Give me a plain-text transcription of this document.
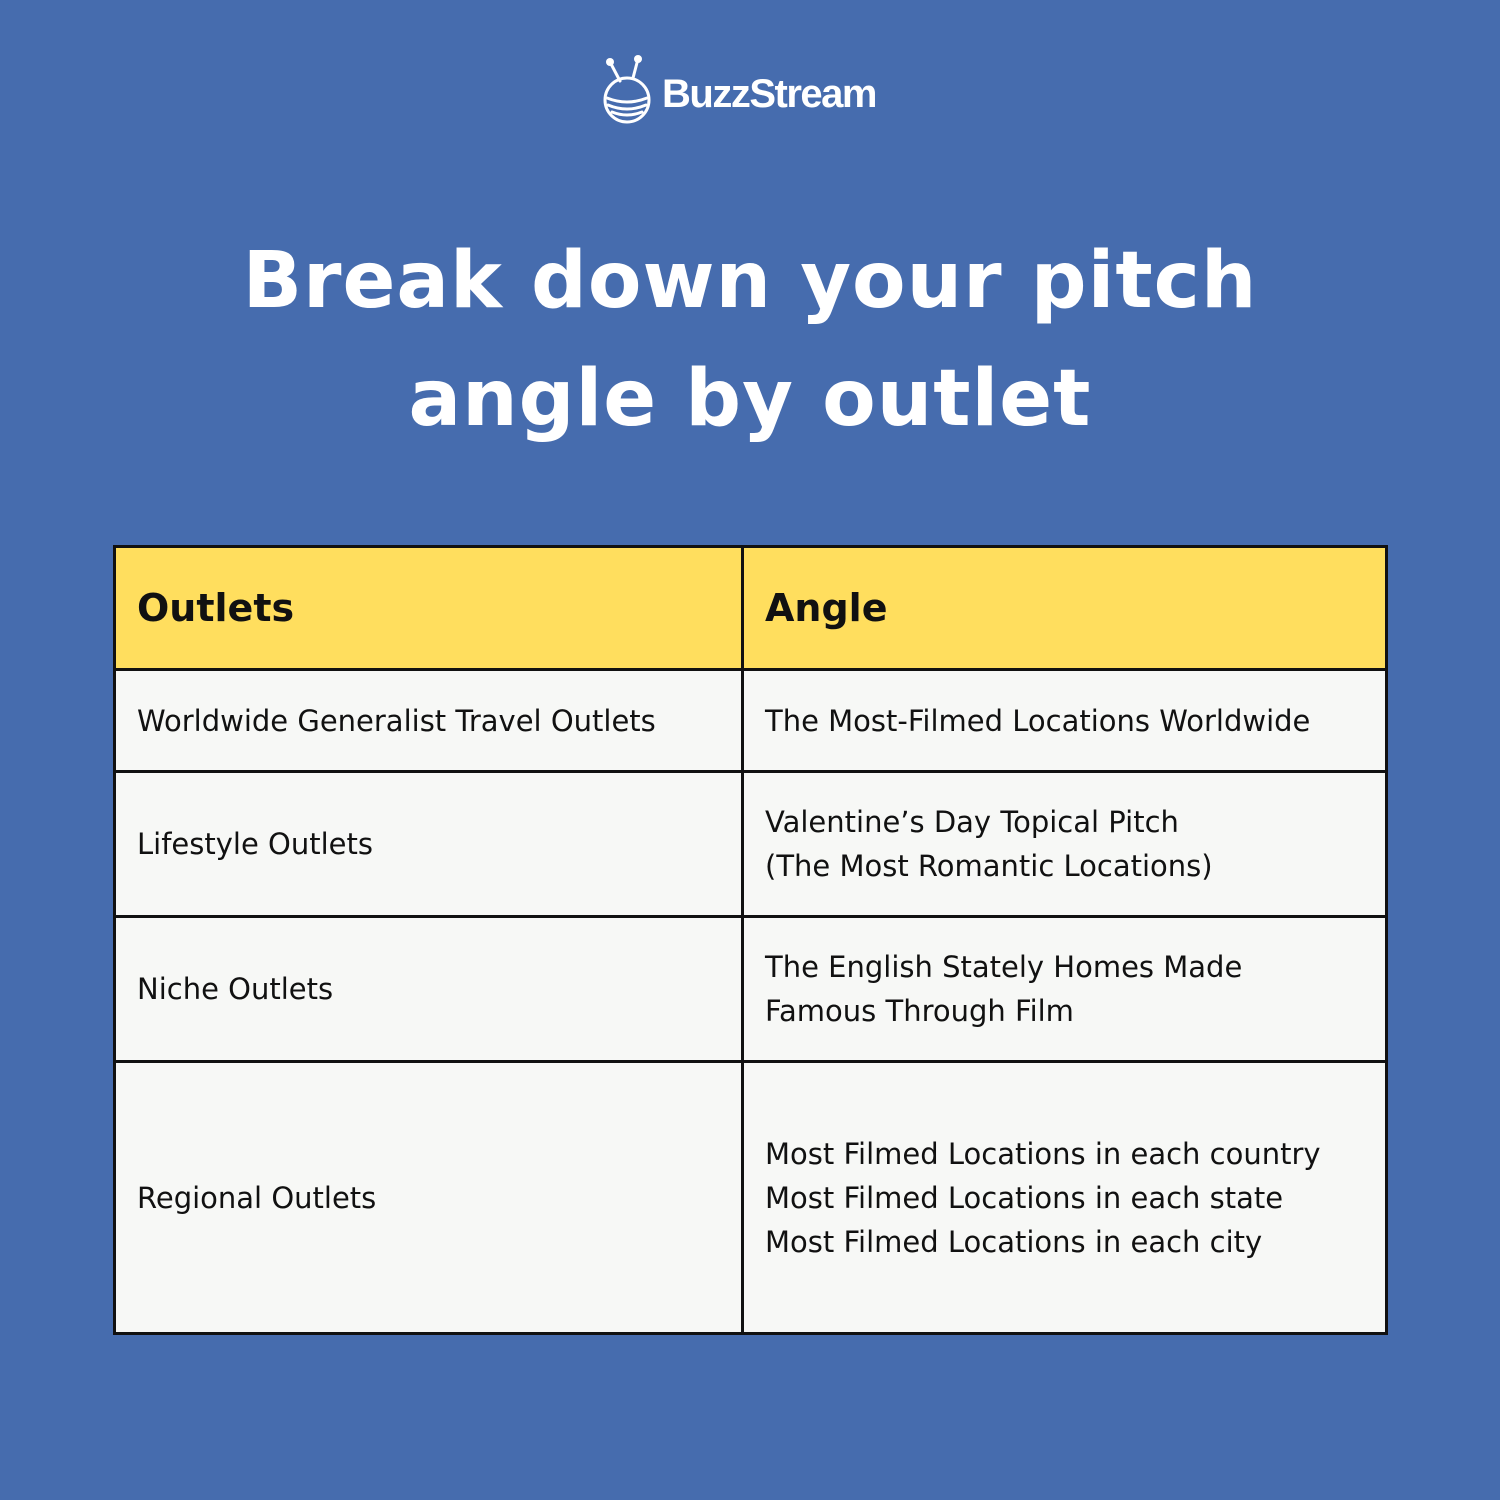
BuzzStream
Break down your pitch
angle by outlet
Outlets	Angle
Worldwide Generalist Travel Outlets	The Most-Filmed Locations Worldwide

Lifestyle Outlets	Valentine’s Day Topical Pitch
(The Most Romantic Locations)

Niche Outlets	The English Stately Homes Made
Famous Through Film

Regional Outlets	Most Filmed Locations in each country
Most Filmed Locations in each state
Most Filmed Locations in each city
